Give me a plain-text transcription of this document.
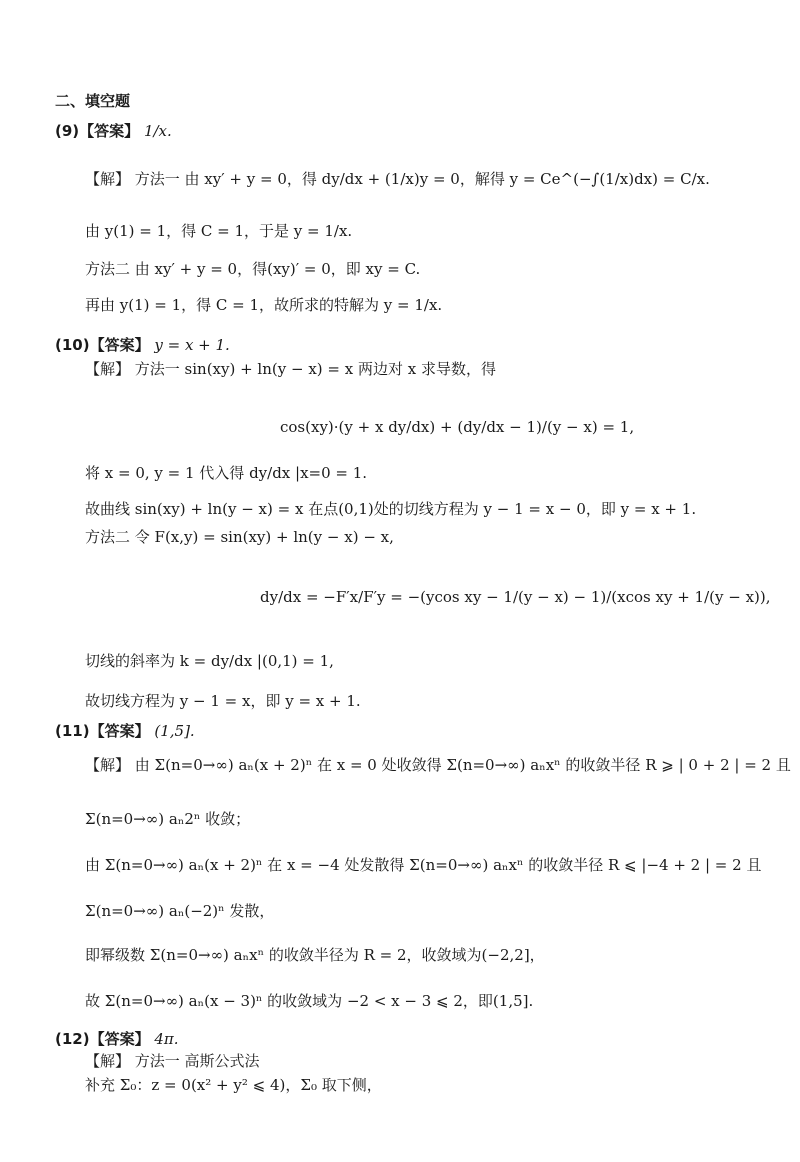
二、填空题
(9)【答案】 1/x.
【解】 方法一 由 xy′ + y = 0，得 dy/dx + (1/x)y = 0，解得 y = Ce^(−∫(1/x)dx) = C/x.
由 y(1) = 1，得 C = 1，于是 y = 1/x.
方法二 由 xy′ + y = 0，得(xy)′ = 0，即 xy = C.
再由 y(1) = 1，得 C = 1，故所求的特解为 y = 1/x.
(10)【答案】 y = x + 1.
【解】 方法一 sin(xy) + ln(y − x) = x 两边对 x 求导数，得
cos(xy)·(y + x dy/dx) + (dy/dx − 1)/(y − x) = 1,
将 x = 0, y = 1 代入得 dy/dx |x=0 = 1.
故曲线 sin(xy) + ln(y − x) = x 在点(0,1)处的切线方程为 y − 1 = x − 0，即 y = x + 1.
方法二 令 F(x,y) = sin(xy) + ln(y − x) − x,
dy/dx = −F′x/F′y = −(ycos xy − 1/(y − x) − 1)/(xcos xy + 1/(y − x)),
切线的斜率为 k = dy/dx |(0,1) = 1,
故切线方程为 y − 1 = x，即 y = x + 1.
(11)【答案】 (1,5].
【解】 由 Σ(n=0→∞) aₙ(x + 2)ⁿ 在 x = 0 处收敛得 Σ(n=0→∞) aₙxⁿ 的收敛半径 R ⩾ | 0 + 2 | = 2 且
Σ(n=0→∞) aₙ2ⁿ 收敛；
由 Σ(n=0→∞) aₙ(x + 2)ⁿ 在 x = −4 处发散得 Σ(n=0→∞) aₙxⁿ 的收敛半径 R ⩽ |−4 + 2 | = 2 且
Σ(n=0→∞) aₙ(−2)ⁿ 发散，
即幂级数 Σ(n=0→∞) aₙxⁿ 的收敛半径为 R = 2，收敛域为(−2,2]，
故 Σ(n=0→∞) aₙ(x − 3)ⁿ 的收敛域为 −2 < x − 3 ⩽ 2，即(1,5].
(12)【答案】 4π.
【解】 方法一 高斯公式法
补充 Σ₀：z = 0(x² + y² ⩽ 4)，Σ₀ 取下侧，
